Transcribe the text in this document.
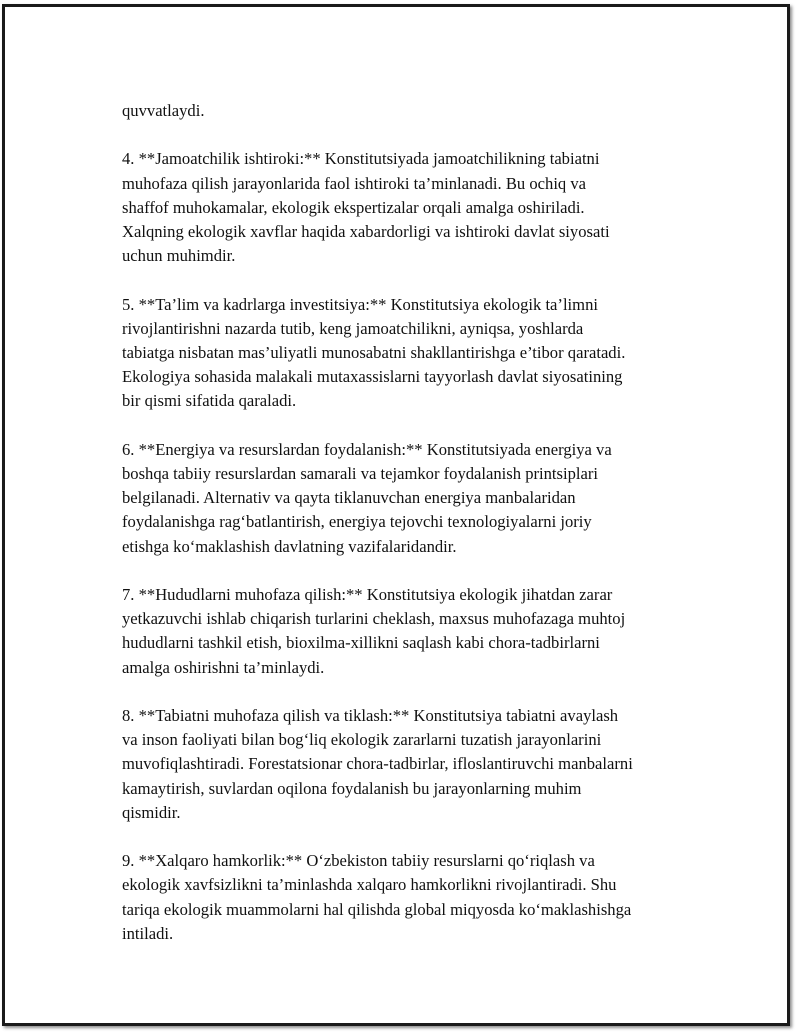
quvvatlaydi.

4. **Jamoatchilik ishtiroki:** Konstitutsiyada jamoatchilikning tabiatni
muhofaza qilish jarayonlarida faol ishtiroki ta’minlanadi. Bu ochiq va
shaffof muhokamalar, ekologik ekspertizalar orqali amalga oshiriladi.
Xalqning ekologik xavflar haqida xabardorligi va ishtiroki davlat siyosati
uchun muhimdir.

5. **Ta’lim va kadrlarga investitsiya:** Konstitutsiya ekologik ta’limni
rivojlantirishni nazarda tutib, keng jamoatchilikni, ayniqsa, yoshlarda
tabiatga nisbatan mas’uliyatli munosabatni shakllantirishga e’tibor qaratadi.
Ekologiya sohasida malakali mutaxassislarni tayyorlash davlat siyosatining
bir qismi sifatida qaraladi.

6. **Energiya va resurslardan foydalanish:** Konstitutsiyada energiya va
boshqa tabiiy resurslardan samarali va tejamkor foydalanish printsiplari
belgilanadi. Alternativ va qayta tiklanuvchan energiya manbalaridan
foydalanishga rag‘batlantirish, energiya tejovchi texnologiyalarni joriy
etishga ko‘maklashish davlatning vazifalaridandir.

7. **Hududlarni muhofaza qilish:** Konstitutsiya ekologik jihatdan zarar
yetkazuvchi ishlab chiqarish turlarini cheklash, maxsus muhofazaga muhtoj
hududlarni tashkil etish, bioxilma-xillikni saqlash kabi chora-tadbirlarni
amalga oshirishni ta’minlaydi.

8. **Tabiatni muhofaza qilish va tiklash:** Konstitutsiya tabiatni avaylash
va inson faoliyati bilan bog‘liq ekologik zararlarni tuzatish jarayonlarini
muvofiqlashtiradi. Forestatsionar chora-tadbirlar, ifloslantiruvchi manbalarni
kamaytirish, suvlardan oqilona foydalanish bu jarayonlarning muhim
qismidir.

9. **Xalqaro hamkorlik:** O‘zbekiston tabiiy resurslarni qo‘riqlash va
ekologik xavfsizlikni ta’minlashda xalqaro hamkorlikni rivojlantiradi. Shu
tariqa ekologik muammolarni hal qilishda global miqyosda ko‘maklashishga
intiladi.
